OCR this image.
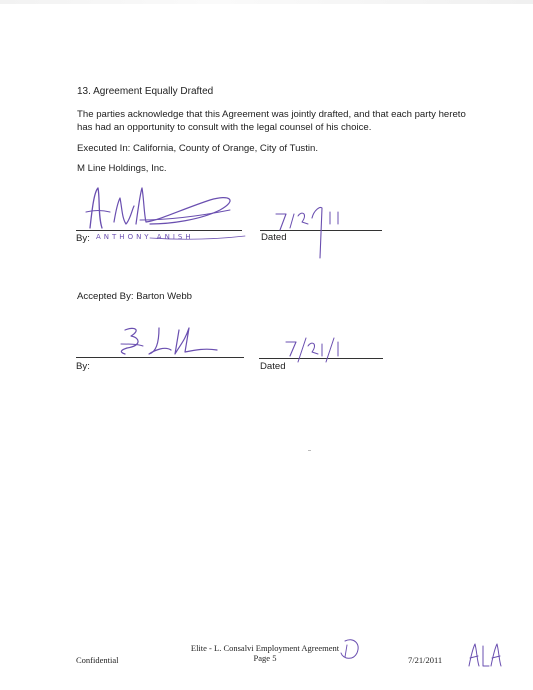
13. Agreement Equally Drafted
The parties acknowledge that this Agreement was jointly drafted, and that each party hereto has had an opportunity to consult with the legal counsel of his choice.
Executed In: California, County of Orange, City of Tustin.
M Line Holdings, Inc.
By: ANTHONY ANISH	Dated
Accepted By: Barton Webb
By:	Dated
Confidential
Elite - L. Consalvi Employment Agreement
Page 5	7/21/2011
